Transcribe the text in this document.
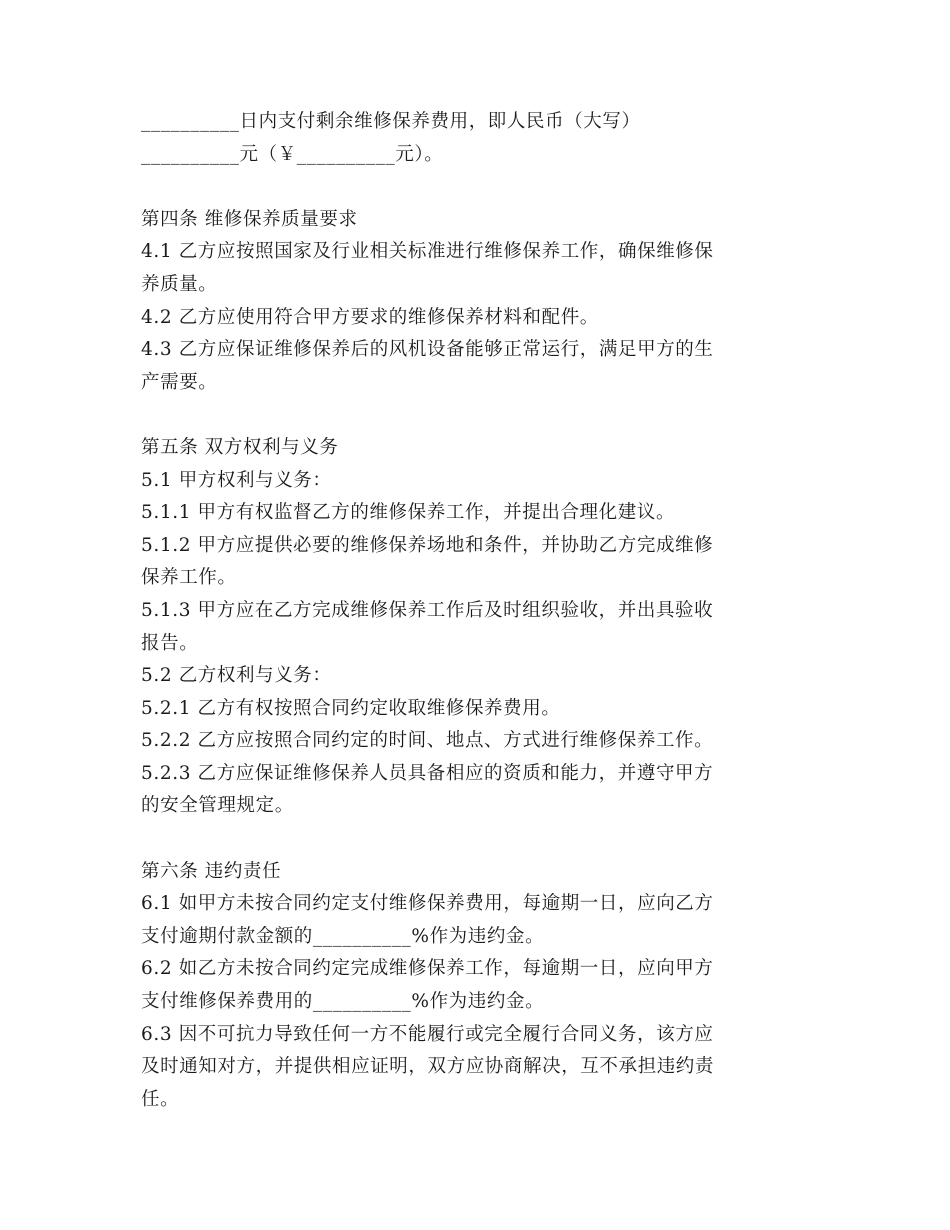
__________日内支付剩余维修保养费用，即人民币（大写）
__________元（￥__________元）。
第四条 维修保养质量要求
4.1 乙方应按照国家及行业相关标准进行维修保养工作，确保维修保
养质量。
4.2 乙方应使用符合甲方要求的维修保养材料和配件。
4.3 乙方应保证维修保养后的风机设备能够正常运行，满足甲方的生
产需要。
第五条 双方权利与义务
5.1 甲方权利与义务：
5.1.1 甲方有权监督乙方的维修保养工作，并提出合理化建议。
5.1.2 甲方应提供必要的维修保养场地和条件，并协助乙方完成维修
保养工作。
5.1.3 甲方应在乙方完成维修保养工作后及时组织验收，并出具验收
报告。
5.2 乙方权利与义务：
5.2.1 乙方有权按照合同约定收取维修保养费用。
5.2.2 乙方应按照合同约定的时间、地点、方式进行维修保养工作。
5.2.3 乙方应保证维修保养人员具备相应的资质和能力，并遵守甲方
的安全管理规定。
第六条 违约责任
6.1 如甲方未按合同约定支付维修保养费用，每逾期一日，应向乙方
支付逾期付款金额的__________%作为违约金。
6.2 如乙方未按合同约定完成维修保养工作，每逾期一日，应向甲方
支付维修保养费用的__________%作为违约金。
6.3 因不可抗力导致任何一方不能履行或完全履行合同义务，该方应
及时通知对方，并提供相应证明，双方应协商解决，互不承担违约责
任。
